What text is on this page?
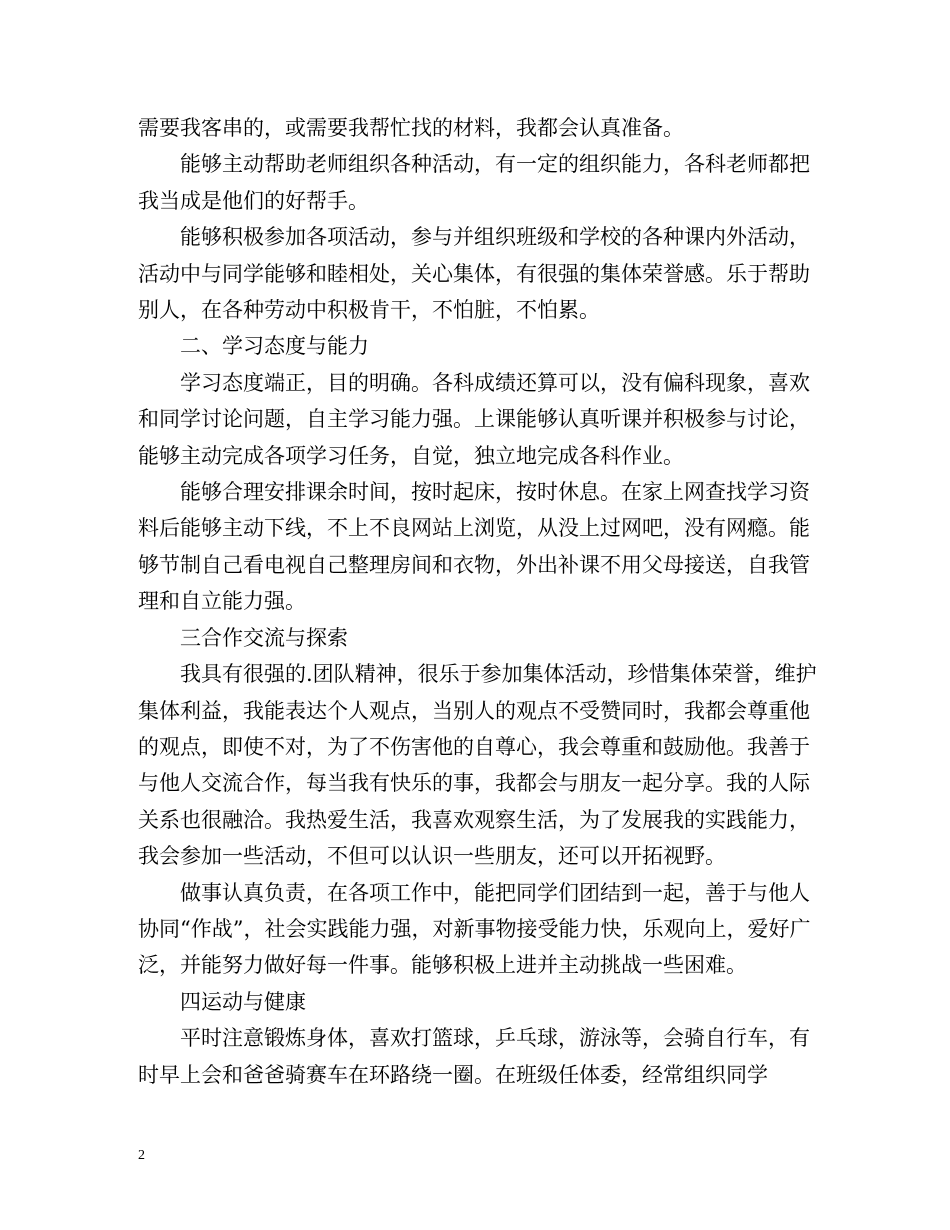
需要我客串的，或需要我帮忙找的材料，我都会认真准备。

能够主动帮助老师组织各种活动，有一定的组织能力，各科老师都把我当成是他们的好帮手。

能够积极参加各项活动，参与并组织班级和学校的各种课内外活动，活动中与同学能够和睦相处，关心集体，有很强的集体荣誉感。乐于帮助别人，在各种劳动中积极肯干，不怕脏，不怕累。

二、学习态度与能力

学习态度端正，目的明确。各科成绩还算可以，没有偏科现象，喜欢和同学讨论问题，自主学习能力强。上课能够认真听课并积极参与讨论，能够主动完成各项学习任务，自觉，独立地完成各科作业。

能够合理安排课余时间，按时起床，按时休息。在家上网查找学习资料后能够主动下线，不上不良网站上浏览，从没上过网吧，没有网瘾。能够节制自己看电视自己整理房间和衣物，外出补课不用父母接送，自我管理和自立能力强。

三合作交流与探索

我具有很强的.团队精神，很乐于参加集体活动，珍惜集体荣誉，维护集体利益，我能表达个人观点，当别人的观点不受赞同时，我都会尊重他的观点，即使不对，为了不伤害他的自尊心，我会尊重和鼓励他。我善于与他人交流合作，每当我有快乐的事，我都会与朋友一起分享。我的人际关系也很融洽。我热爱生活，我喜欢观察生活，为了发展我的实践能力，我会参加一些活动，不但可以认识一些朋友，还可以开拓视野。

做事认真负责，在各项工作中，能把同学们团结到一起，善于与他人协同“作战”，社会实践能力强，对新事物接受能力快，乐观向上，爱好广泛，并能努力做好每一件事。能够积极上进并主动挑战一些困难。

四运动与健康

平时注意锻炼身体，喜欢打篮球，乒乓球，游泳等，会骑自行车，有时早上会和爸爸骑赛车在环路绕一圈。在班级任体委，经常组织同学

2
